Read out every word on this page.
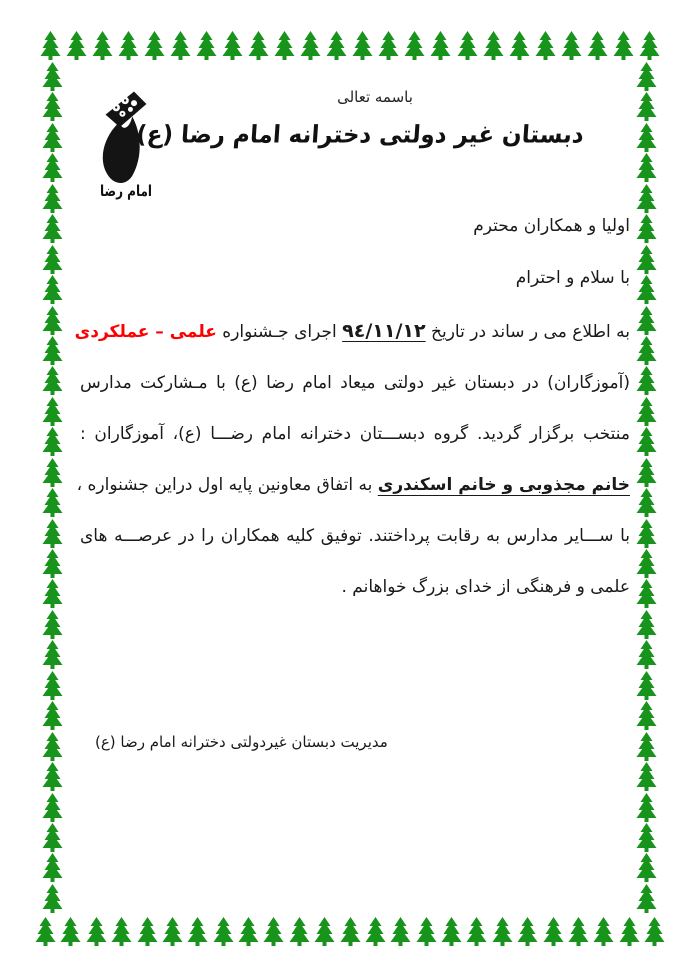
امام رضا
باسمه تعالی
دبستان غیر دولتی دخترانه امام رضا (ع)
اولیا و همکاران محترم
با سلام و احترام
به اطلاع می ر ساند در تاریخ ٩٤/١١/١٢ اجرای جـشنواره علمی – عملکردی
(آموزگاران) در دبستان غیر دولتی میعاد امام رضا (ع) با مـشارکت مدارس
منتخب برگزار گردید. گروه دبســـتان دخترانه امام رضـــا (ع)، آموزگاران :
خانم مجذوبی و خانم اسکندری به اتفاق معاونین پایه اول دراین جشنواره ،
با ســـایر مدارس به رقابت پرداختند. توفیق کلیه همکاران را در عرصـــه های
علمی و فرهنگی از خدای بزرگ خواهانم .
مدیریت دبستان غیردولتی دخترانه امام رضا (ع)
